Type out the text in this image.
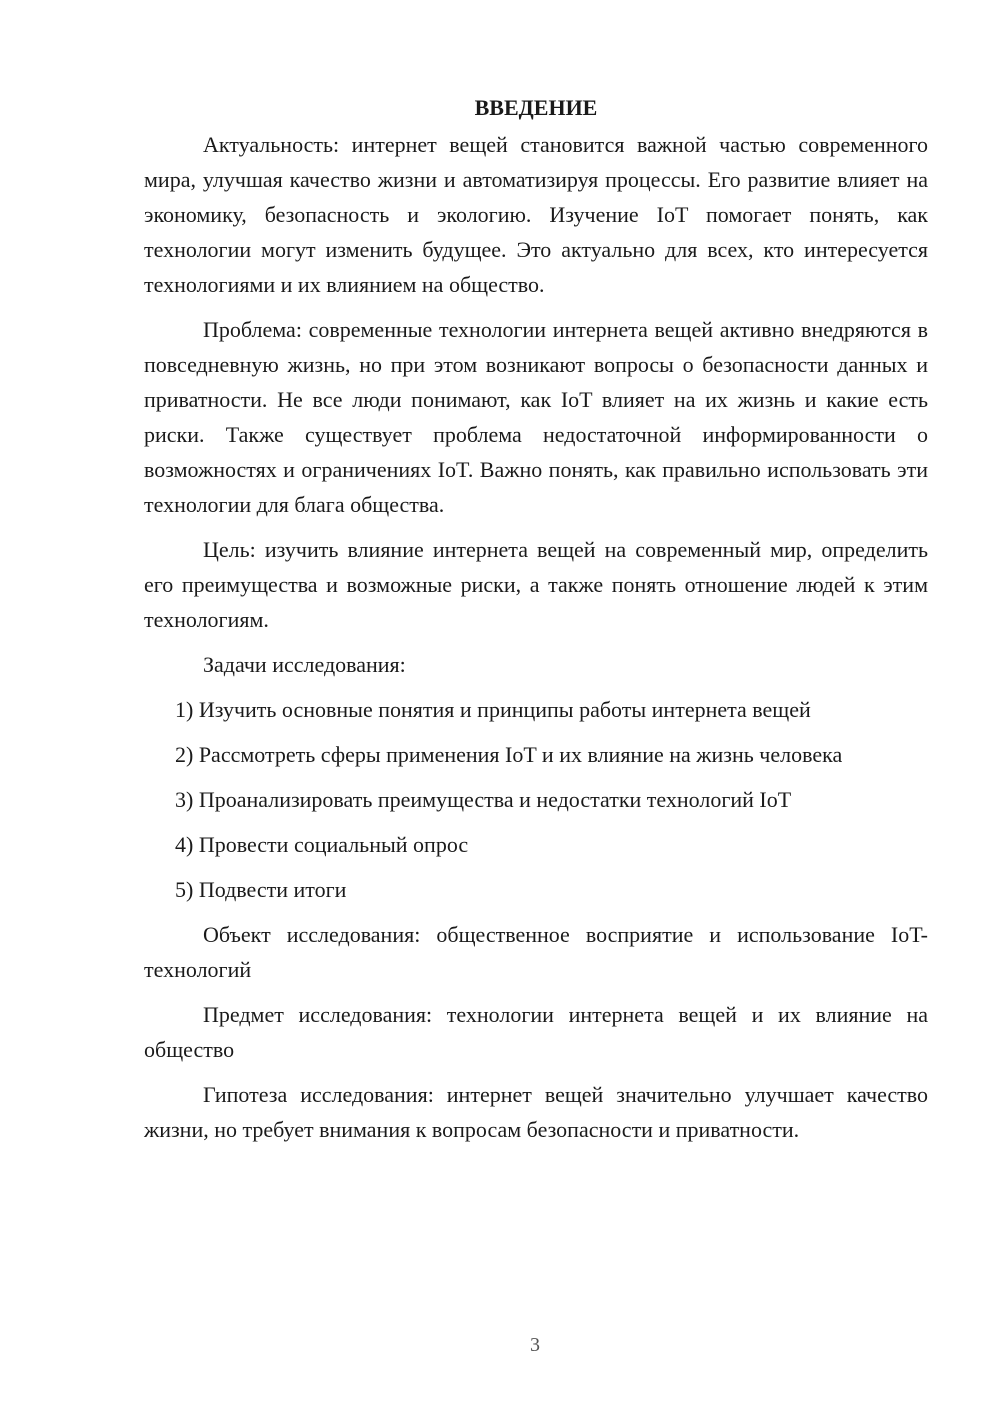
ВВЕДЕНИЕ

Актуальность: интернет вещей становится важной частью современного мира, улучшая качество жизни и автоматизируя процессы. Его развитие влияет на экономику, безопасность и экологию. Изучение IoT помогает понять, как технологии могут изменить будущее. Это актуально для всех, кто интересуется технологиями и их влиянием на общество.

Проблема: современные технологии интернета вещей активно внедряются в повседневную жизнь, но при этом возникают вопросы о безопасности данных и приватности. Не все люди понимают, как IoT влияет на их жизнь и какие есть риски. Также существует проблема недостаточной информированности о возможностях и ограничениях IoT. Важно понять, как правильно использовать эти технологии для блага общества.

Цель: изучить влияние интернета вещей на современный мир, определить его преимущества и возможные риски, а также понять отношение людей к этим технологиям.

Задачи исследования:

1) Изучить основные понятия и принципы работы интернета вещей
2) Рассмотреть сферы применения IoT и их влияние на жизнь человека
3) Проанализировать преимущества и недостатки технологий IoT
4) Провести социальный опрос
5) Подвести итоги

Объект исследования: общественное восприятие и использование IoT-технологий

Предмет исследования: технологии интернета вещей и их влияние на общество

Гипотеза исследования: интернет вещей значительно улучшает качество жизни, но требует внимания к вопросам безопасности и приватности.

3
